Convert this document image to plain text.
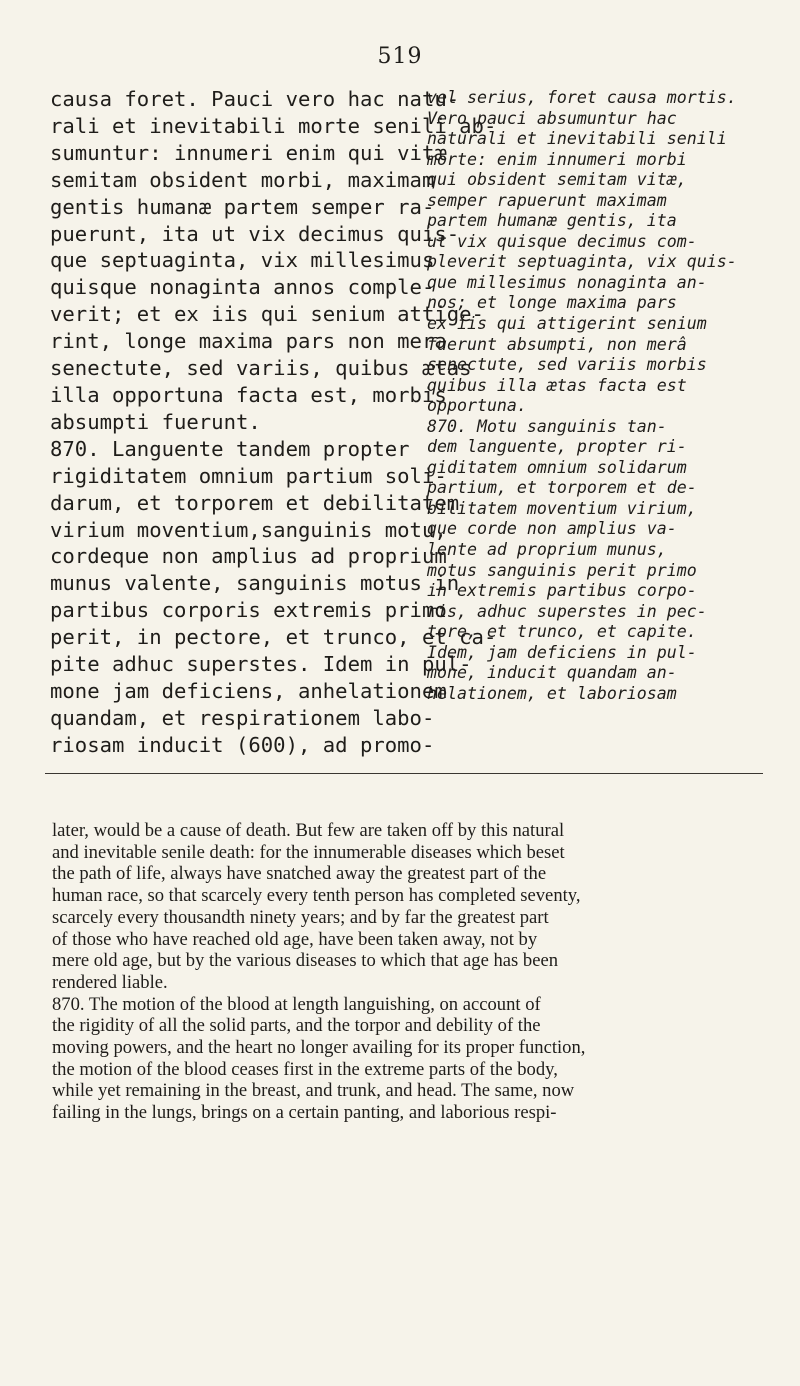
519
causa foret. Pauci vero hac natu-
rali et inevitabili morte senili ab-
sumuntur: innumeri enim qui vitæ
semitam obsident morbi, maximam
gentis humanæ partem semper ra-
puerunt, ita ut vix decimus quis-
que septuaginta, vix millesimus
quisque nonaginta annos comple-
verit; et ex iis qui senium attige-
rint, longe maxima pars non mera
senectute, sed variis, quibus ætas
illa opportuna facta est, morbis
absumpti fuerunt.
870. Languente tandem propter
rigiditatem omnium partium soli-
darum, et torporem et debilitatem
virium moventium,sanguinis motu,
cordeque non amplius ad proprium
munus valente, sanguinis motus in
partibus corporis extremis primo
perit, in pectore, et trunco, et ca-
pite adhuc superstes. Idem in pul-
mone jam deficiens, anhelationem
quandam, et respirationem labo-
riosam inducit (600), ad promo-
vel serius, foret causa mortis.
Vero pauci absumuntur hac
naturali et inevitabili senili
morte: enim innumeri morbi
qui obsident semitam vitæ,
semper rapuerunt maximam
partem humanæ gentis, ita
ut vix quisque decimus com-
pleverit septuaginta, vix quis-
que millesimus nonaginta an-
nos; et longe maxima pars
ex iis qui attigerint senium
fuerunt absumpti, non merâ
senectute, sed variis morbis
quibus illa ætas facta est
opportuna.
870. Motu sanguinis tan-
dem languente, propter ri-
giditatem omnium solidarum
partium, et torporem et de-
bilitatem moventium virium,
que corde non amplius va-
lente ad proprium munus,
motus sanguinis perit primo
in extremis partibus corpo-
ris, adhuc superstes in pec-
tore, et trunco, et capite.
Idem, jam deficiens in pul-
mone, inducit quandam an-
helationem, et laboriosam
later, would be a cause of death. But few are taken off by this natural
and inevitable senile death: for the innumerable diseases which beset
the path of life, always have snatched away the greatest part of the
human race, so that scarcely every tenth person has completed seventy,
scarcely every thousandth ninety years; and by far the greatest part
of those who have reached old age, have been taken away, not by
mere old age, but by the various diseases to which that age has been
rendered liable.
870. The motion of the blood at length languishing, on account of
the rigidity of all the solid parts, and the torpor and debility of the
moving powers, and the heart no longer availing for its proper function,
the motion of the blood ceases first in the extreme parts of the body,
while yet remaining in the breast, and trunk, and head. The same, now
failing in the lungs, brings on a certain panting, and laborious respi-
